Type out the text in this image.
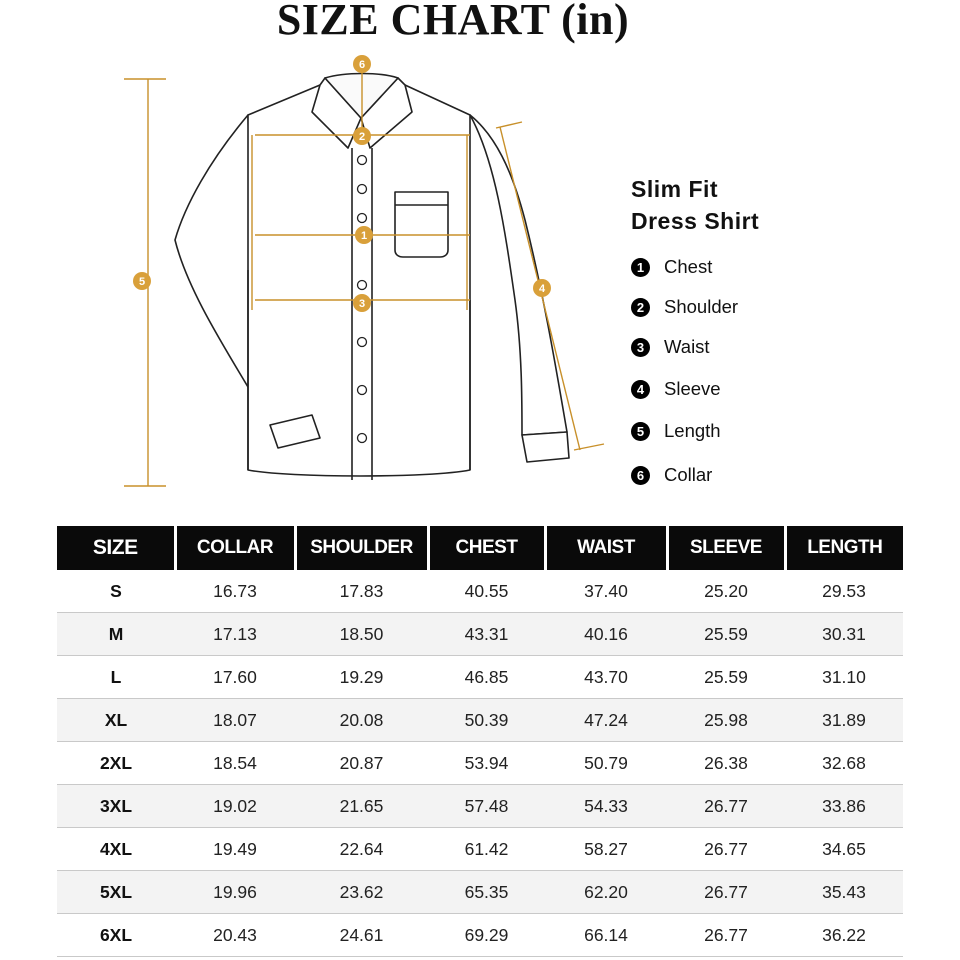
SIZE CHART (in)
6
2
1
3
4
5
Slim Fit
Dress Shirt
1	Chest
2	Shoulder
3	Waist
4	Sleeve
5	Length
6	Collar
SIZE	COLLAR	SHOULDER	CHEST	WAIST	SLEEVE	LENGTH
S	16.73	17.83	40.55	37.40	25.20	29.53
M	17.13	18.50	43.31	40.16	25.59	30.31
L	17.60	19.29	46.85	43.70	25.59	31.10
XL	18.07	20.08	50.39	47.24	25.98	31.89
2XL	18.54	20.87	53.94	50.79	26.38	32.68
3XL	19.02	21.65	57.48	54.33	26.77	33.86
4XL	19.49	22.64	61.42	58.27	26.77	34.65
5XL	19.96	23.62	65.35	62.20	26.77	35.43
6XL	20.43	24.61	69.29	66.14	26.77	36.22
